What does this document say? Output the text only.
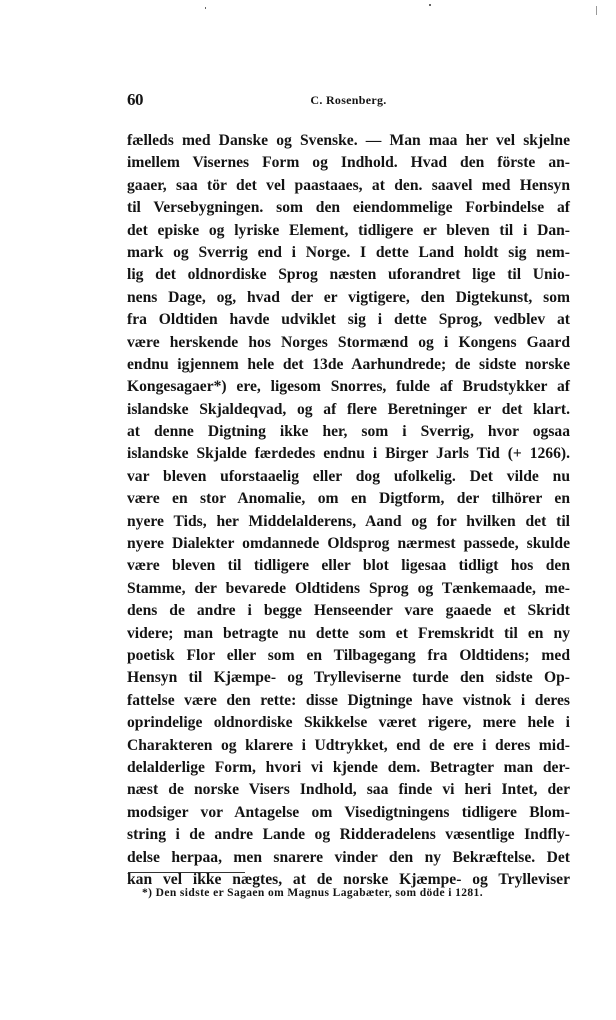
60	C. Rosenberg.
fælleds med Danske og Svenske. — Man maa her vel skjelne
imellem Visernes Form og Indhold. Hvad den förste an-
gaaer, saa tör det vel paastaaes, at den. saavel med Hensyn
til Versebygningen. som den eiendommelige Forbindelse af
det episke og lyriske Element, tidligere er bleven til i Dan-
mark og Sverrig end i Norge. I dette Land holdt sig nem-
lig det oldnordiske Sprog næsten uforandret lige til Unio-
nens Dage, og, hvad der er vigtigere, den Digtekunst, som
fra Oldtiden havde udviklet sig i dette Sprog, vedblev at
være herskende hos Norges Stormænd og i Kongens Gaard
endnu igjennem hele det 13de Aarhundrede; de sidste norske
Kongesagaer*) ere, ligesom Snorres, fulde af Brudstykker af
islandske Skjaldeqvad, og af flere Beretninger er det klart.
at denne Digtning ikke her, som i Sverrig, hvor ogsaa
islandske Skjalde færdedes endnu i Birger Jarls Tid (+ 1266).
var bleven uforstaaelig eller dog ufolkelig. Det vilde nu
være en stor Anomalie, om en Digtform, der tilhörer en
nyere Tids, her Middelalderens, Aand og for hvilken det til
nyere Dialekter omdannede Oldsprog nærmest passede, skulde
være bleven til tidligere eller blot ligesaa tidligt hos den
Stamme, der bevarede Oldtidens Sprog og Tænkemaade, me-
dens de andre i begge Henseender vare gaaede et Skridt
videre; man betragte nu dette som et Fremskridt til en ny
poetisk Flor eller som en Tilbagegang fra Oldtidens; med
Hensyn til Kjæmpe- og Trylleviserne turde den sidste Op-
fattelse være den rette: disse Digtninge have vistnok i deres
oprindelige oldnordiske Skikkelse været rigere, mere hele i
Charakteren og klarere i Udtrykket, end de ere i deres mid-
delalderlige Form, hvori vi kjende dem. Betragter man der-
næst de norske Visers Indhold, saa finde vi heri Intet, der
modsiger vor Antagelse om Visedigtningens tidligere Blom-
string i de andre Lande og Ridderadelens væsentlige Indfly-
delse herpaa, men snarere vinder den ny Bekræftelse. Det
kan vel ikke nægtes, at de norske Kjæmpe- og Trylleviser
*) Den sidste er Sagaen om Magnus Lagabæter, som döde i 1281.
